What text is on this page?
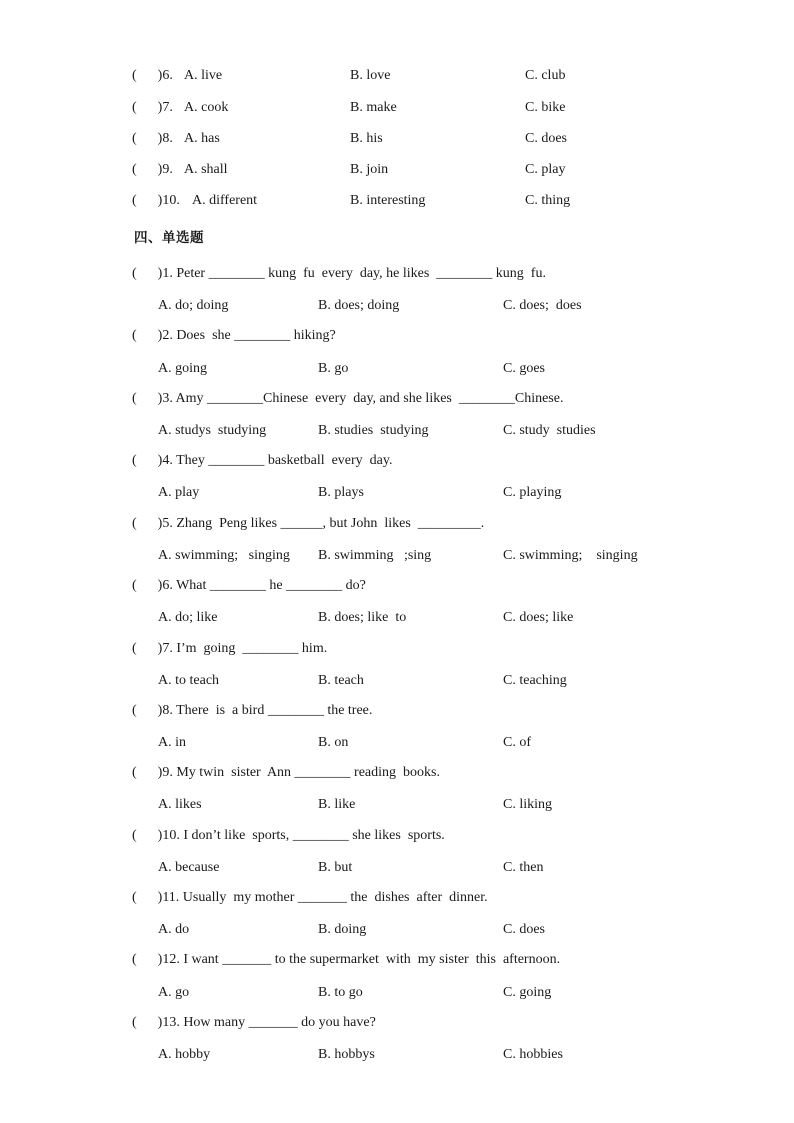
(      )6. A. live	B. love	C. club
(      )7. A. cook	B. make	C. bike
(      )8. A. has	B. his	C. does
(      )9. A. shall	B. join	C. play
(      )10. A. different	B. interesting	C. thing
四、单选题
(      )1. Peter ________ kung  fu  every  day, he likes  ________ kung  fu.
A. do; doing	B. does; doing	C. does;  does
(      )2. Does  she ________ hiking?
A. going	B. go	C. goes
(      )3. Amy ________Chinese  every  day, and she likes  ________Chinese.
A. studys  studying	B. studies  studying	C. study  studies
(      )4. They ________ basketball  every  day.
A. play	B. plays	C. playing
(      )5. Zhang  Peng likes ______, but John  likes  _________.
A. swimming;   singing B. swimming   ;sing	C. swimming;    singing
(      )6. What ________ he ________ do?
A. do; like	B. does; like  to	C. does; like
(      )7. I’m  going  ________ him.
A. to teach	B. teach	C. teaching
(      )8. There  is  a bird ________ the tree.
A. in	B. on	C. of
(      )9. My twin  sister  Ann ________ reading  books.
A. likes	B. like	C. liking
(      )10. I don’t like  sports, ________ she likes  sports.
A. because	B. but	C. then
(      )11. Usually  my mother _______ the  dishes  after  dinner.
A. do	B. doing	C. does
(      )12. I want _______ to the supermarket  with  my sister  this  afternoon.
A. go	B. to go	C. going
(      )13. How many _______ do you have?
A. hobby	B. hobbys	C. hobbies
